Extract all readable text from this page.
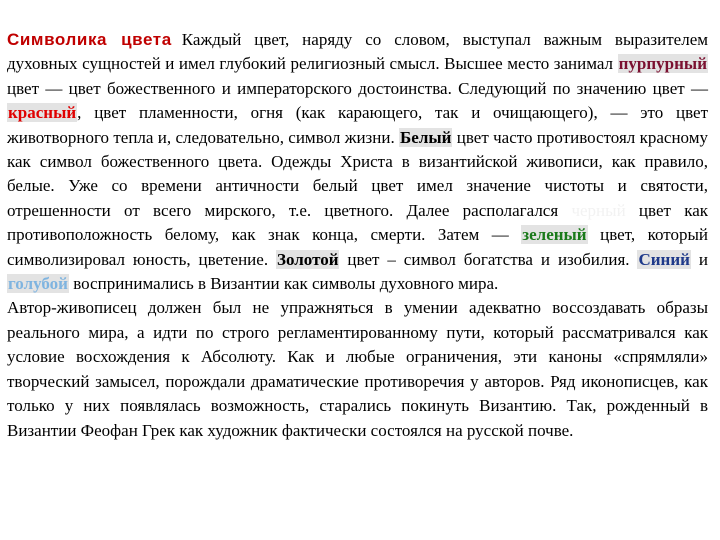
Символика цвета Каждый цвет, наряду со словом, выступал важным выразителем духовных сущностей и имел глубокий религиозный смысл. Высшее место занимал пурпурный цвет — цвет божественного и императорского достоинства. Следующий по значению цвет — красный, цвет пламенности, огня (как карающего, так и очищающего), — это цвет животворного тепла и, следовательно, символ жизни. Белый цвет часто противостоял красному как символ божественного цвета. Одежды Христа в византийской живописи, как правило, белые. Уже со времени античности белый цвет имел значение чистоты и святости, отрешенности от всего мирского, т.е. цветного. Далее располагался черный цвет как противоположность белому, как знак конца, смерти. Затем — зеленый цвет, который символизировал юность, цветение. Золотой цвет – символ богатства и изобилия. Синий и голубой воспринимались в Византии как символы духовного мира.

Автор-живописец должен был не упражняться в умении адекватно воссоздавать образы реального мира, а идти по строго регламентированному пути, который рассматривался как условие восхождения к Абсолюту. Как и любые ограничения, эти каноны «спрямляли» творческий замысел, порождали драматические противоречия у авторов. Ряд иконописцев, как только у них появлялась возможность, старались покинуть Византию. Так, рожденный в Византии Феофан Грек как художник фактически состоялся на русской почве.
